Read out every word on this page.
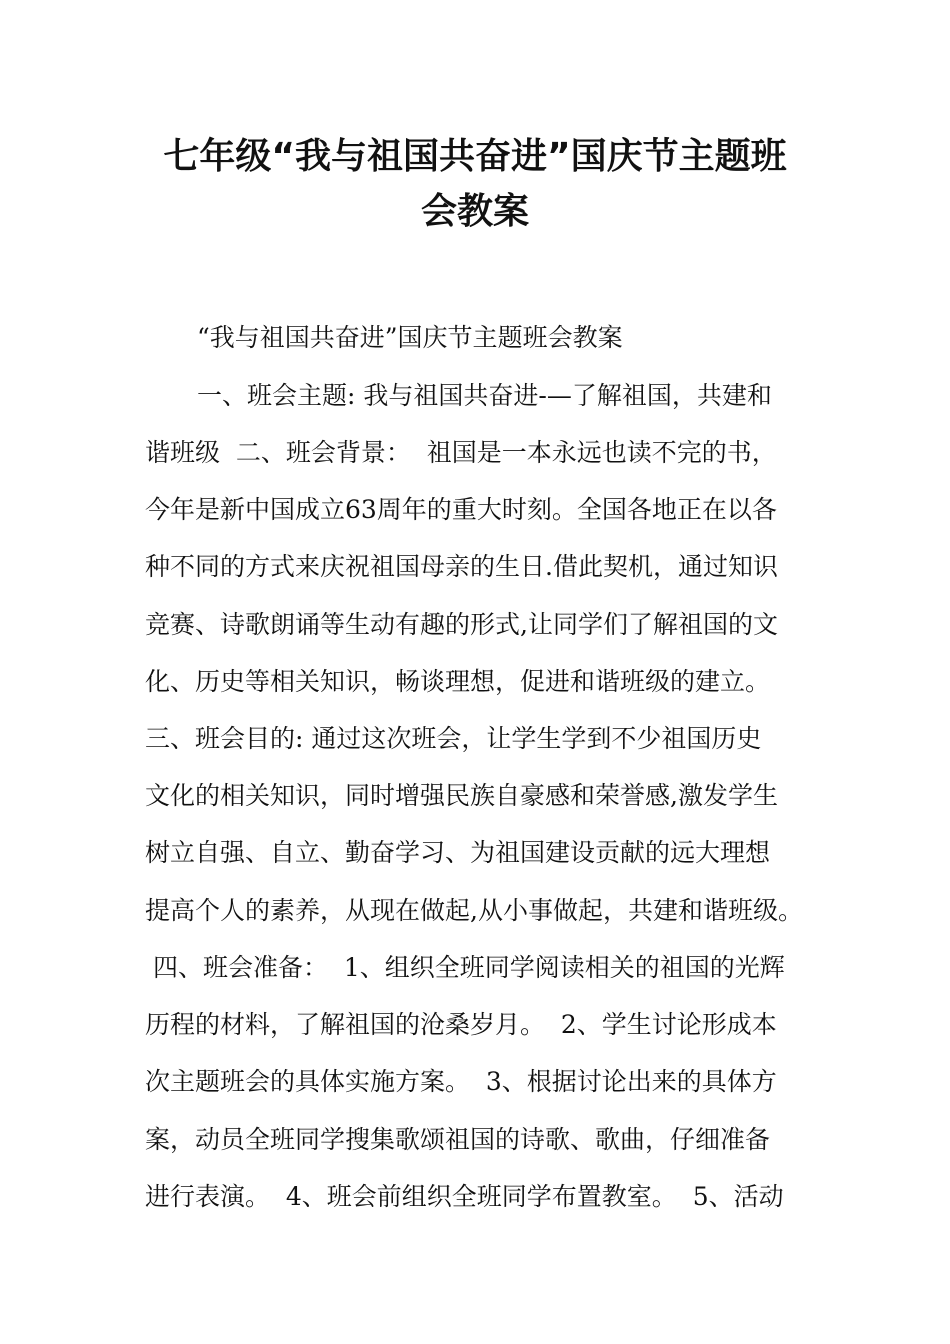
七年级“我与祖国共奋进”国庆节主题班
会教案
“我与祖国共奋进”国庆节主题班会教案
一、班会主题: 我与祖国共奋进-—了解祖国，共建和
谐班级  二、班会背景：  祖国是一本永远也读不完的书，
今年是新中国成立63周年的重大时刻。全国各地正在以各
种不同的方式来庆祝祖国母亲的生日.借此契机，通过知识
竞赛、诗歌朗诵等生动有趣的形式,让同学们了解祖国的文
化、历史等相关知识，畅谈理想，促进和谐班级的建立。
三、班会目的: 通过这次班会，让学生学到不少祖国历史
文化的相关知识，同时增强民族自豪感和荣誉感,激发学生
树立自强、自立、勤奋学习、为祖国建设贡献的远大理想
提高个人的素养，从现在做起,从小事做起，共建和谐班级。
四、班会准备：  1、组织全班同学阅读相关的祖国的光辉
历程的材料，了解祖国的沧桑岁月。  2、学生讨论形成本
次主题班会的具体实施方案。  3、根据讨论出来的具体方
案，动员全班同学搜集歌颂祖国的诗歌、歌曲，仔细准备
进行表演。  4、班会前组织全班同学布置教室。  5、活动
